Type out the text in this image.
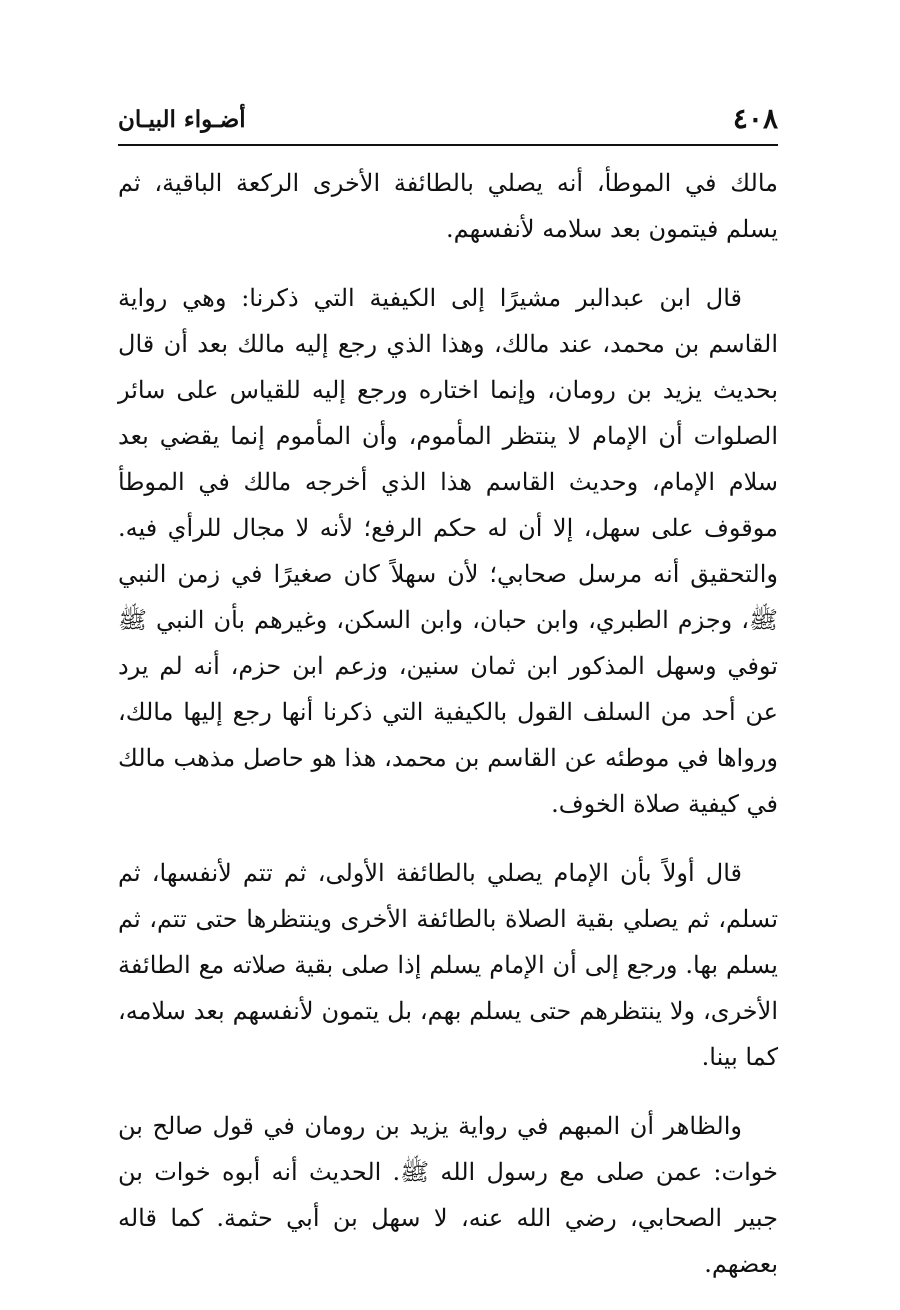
٤٠٨
أضـواء البيـان

مالك في الموطأ، أنه يصلي بالطائفة الأخرى الركعة الباقية، ثم يسلم فيتمون بعد سلامه لأنفسهم.

قال ابن عبدالبر مشيرًا إلى الكيفية التي ذكرنا: وهي رواية القاسم بن محمد، عند مالك، وهذا الذي رجع إليه مالك بعد أن قال بحديث يزيد بن رومان، وإنما اختاره ورجع إليه للقياس على سائر الصلوات أن الإمام لا ينتظر المأموم، وأن المأموم إنما يقضي بعد سلام الإمام، وحديث القاسم هذا الذي أخرجه مالك في الموطأ موقوف على سهل، إلا أن له حكم الرفع؛ لأنه لا مجال للرأي فيه. والتحقيق أنه مرسل صحابي؛ لأن سهلاً كان صغيرًا في زمن النبي ﷺ، وجزم الطبري، وابن حبان، وابن السكن، وغيرهم بأن النبي ﷺ توفي وسهل المذكور ابن ثمان سنين، وزعم ابن حزم، أنه لم يرد عن أحد من السلف القول بالكيفية التي ذكرنا أنها رجع إليها مالك، ورواها في موطئه عن القاسم بن محمد، هذا هو حاصل مذهب مالك في كيفية صلاة الخوف.

قال أولاً بأن الإمام يصلي بالطائفة الأولى، ثم تتم لأنفسها، ثم تسلم، ثم يصلي بقية الصلاة بالطائفة الأخرى وينتظرها حتى تتم، ثم يسلم بها. ورجع إلى أن الإمام يسلم إذا صلى بقية صلاته مع الطائفة الأخرى، ولا ينتظرهم حتى يسلم بهم، بل يتمون لأنفسهم بعد سلامه، كما بينا.

والظاهر أن المبهم في رواية يزيد بن رومان في قول صالح بن خوات: عمن صلى مع رسول الله ﷺ. الحديث أنه أبوه خوات بن جبير الصحابي، رضي الله عنه، لا سهل بن أبي حثمة. كما قاله بعضهم.
